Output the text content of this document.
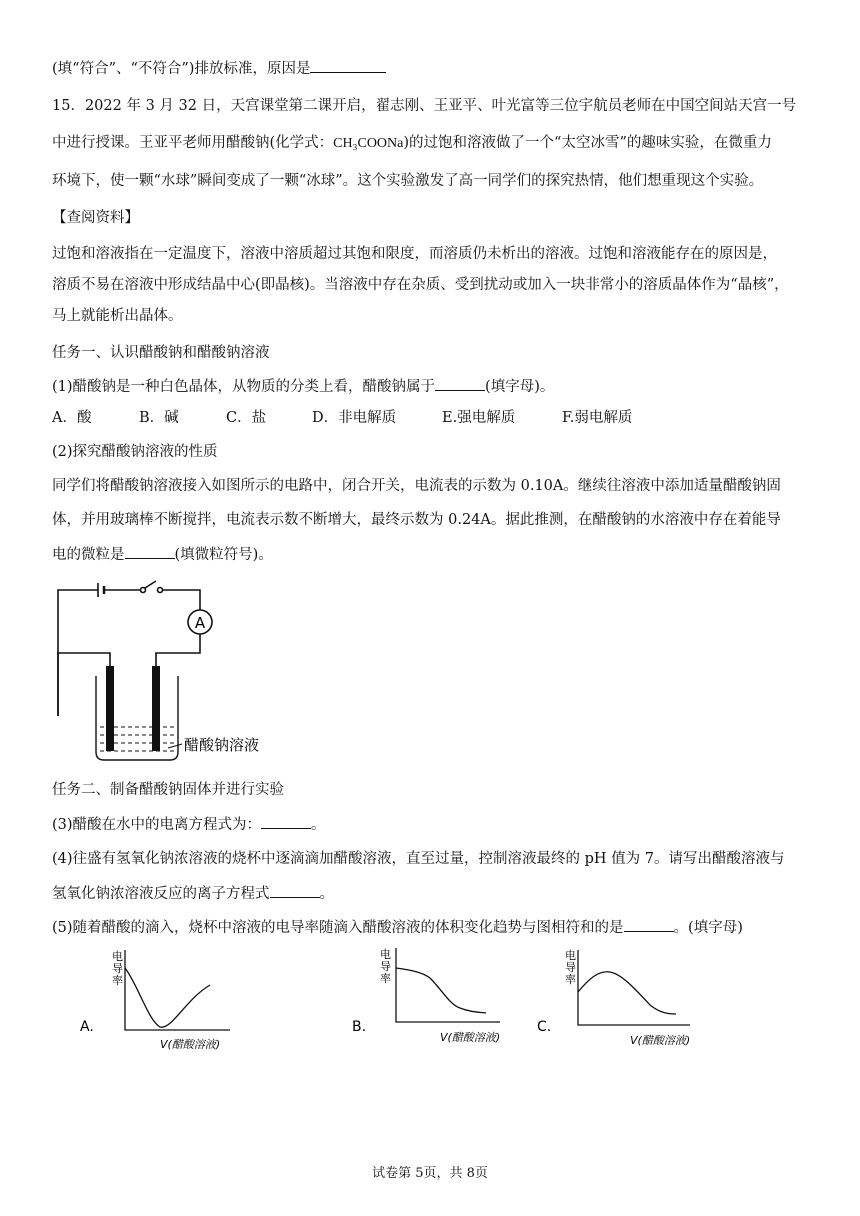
(填“符合”、“不符合”)排放标准，原因是
15．2022 年 3 月 32 日，天宫课堂第二课开启，翟志刚、王亚平、叶光富等三位宇航员老师在中国空间站天宫一号
中进行授课。王亚平老师用醋酸钠(化学式：CH₃COONa)的过饱和溶液做了一个“太空冰雪”的趣味实验，在微重力
环境下，使一颗“水球”瞬间变成了一颗“冰球”。这个实验激发了高一同学们的探究热情，他们想重现这个实验。
【查阅资料】
过饱和溶液指在一定温度下，溶液中溶质超过其饱和限度，而溶质仍未析出的溶液。过饱和溶液能存在的原因是，
溶质不易在溶液中形成结晶中心(即晶核)。当溶液中存在杂质、受到扰动或加入一块非常小的溶质晶体作为“晶核”，
马上就能析出晶体。
任务一、认识醋酸钠和醋酸钠溶液
(1)醋酸钠是一种白色晶体，从物质的分类上看，醋酸钠属于	(填字母)。
A．酸	B．碱	C．盐	D．非电解质	E.强电解质	F.弱电解质
(2)探究醋酸钠溶液的性质
同学们将醋酸钠溶液接入如图所示的电路中，闭合开关，电流表的示数为 0.10A。继续往溶液中添加适量醋酸钠固
体，并用玻璃棒不断搅拌，电流表示数不断增大，最终示数为 0.24A。据此推测，在醋酸钠的水溶液中存在着能导
电的微粒是	(填微粒符号)。
A
醋酸钠溶液
任务二、制备醋酸钠固体并进行实验
(3)醋酸在水中的电离方程式为：	。
(4)往盛有氢氧化钠浓溶液的烧杯中逐滴滴加醋酸溶液，直至过量，控制溶液最终的 pH 值为 7。请写出醋酸溶液与
氢氧化钠浓溶液反应的离子方程式	。
(5)随着醋酸的滴入，烧杯中溶液的电导率随滴入醋酸溶液的体积变化趋势与图相符和的是	。(填字母)
A.
电
导
率
V(醋酸溶液)
B.
电
导
率
V(醋酸溶液)
C.
电
导
率
V(醋酸溶液)
试卷第 5页，共 8页
